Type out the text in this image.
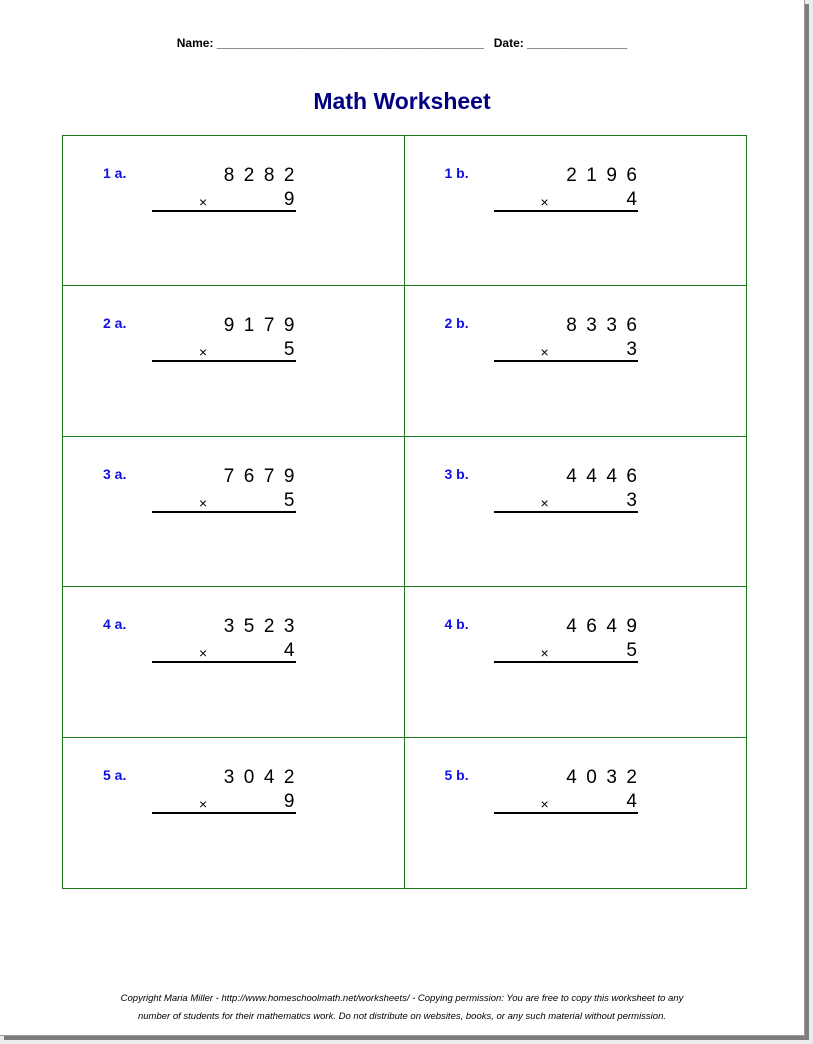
Name: ________________________________________ Date: _______________
Math Worksheet
1 a.	8282
×	9
1 b.	2196
×	4
2 a.	9179
×	5
2 b.	8336
×	3
3 a.	7679
×	5
3 b.	4446
×	3
4 a.	3523
×	4
4 b.	4649
×	5
5 a.	3042
×	9
5 b.	4032
×	4
Copyright Maria Miller - http://www.homeschoolmath.net/worksheets/ - Copying permission: You are free to copy this worksheet to any
number of students for their mathematics work. Do not distribute on websites, books, or any such material without permission.
